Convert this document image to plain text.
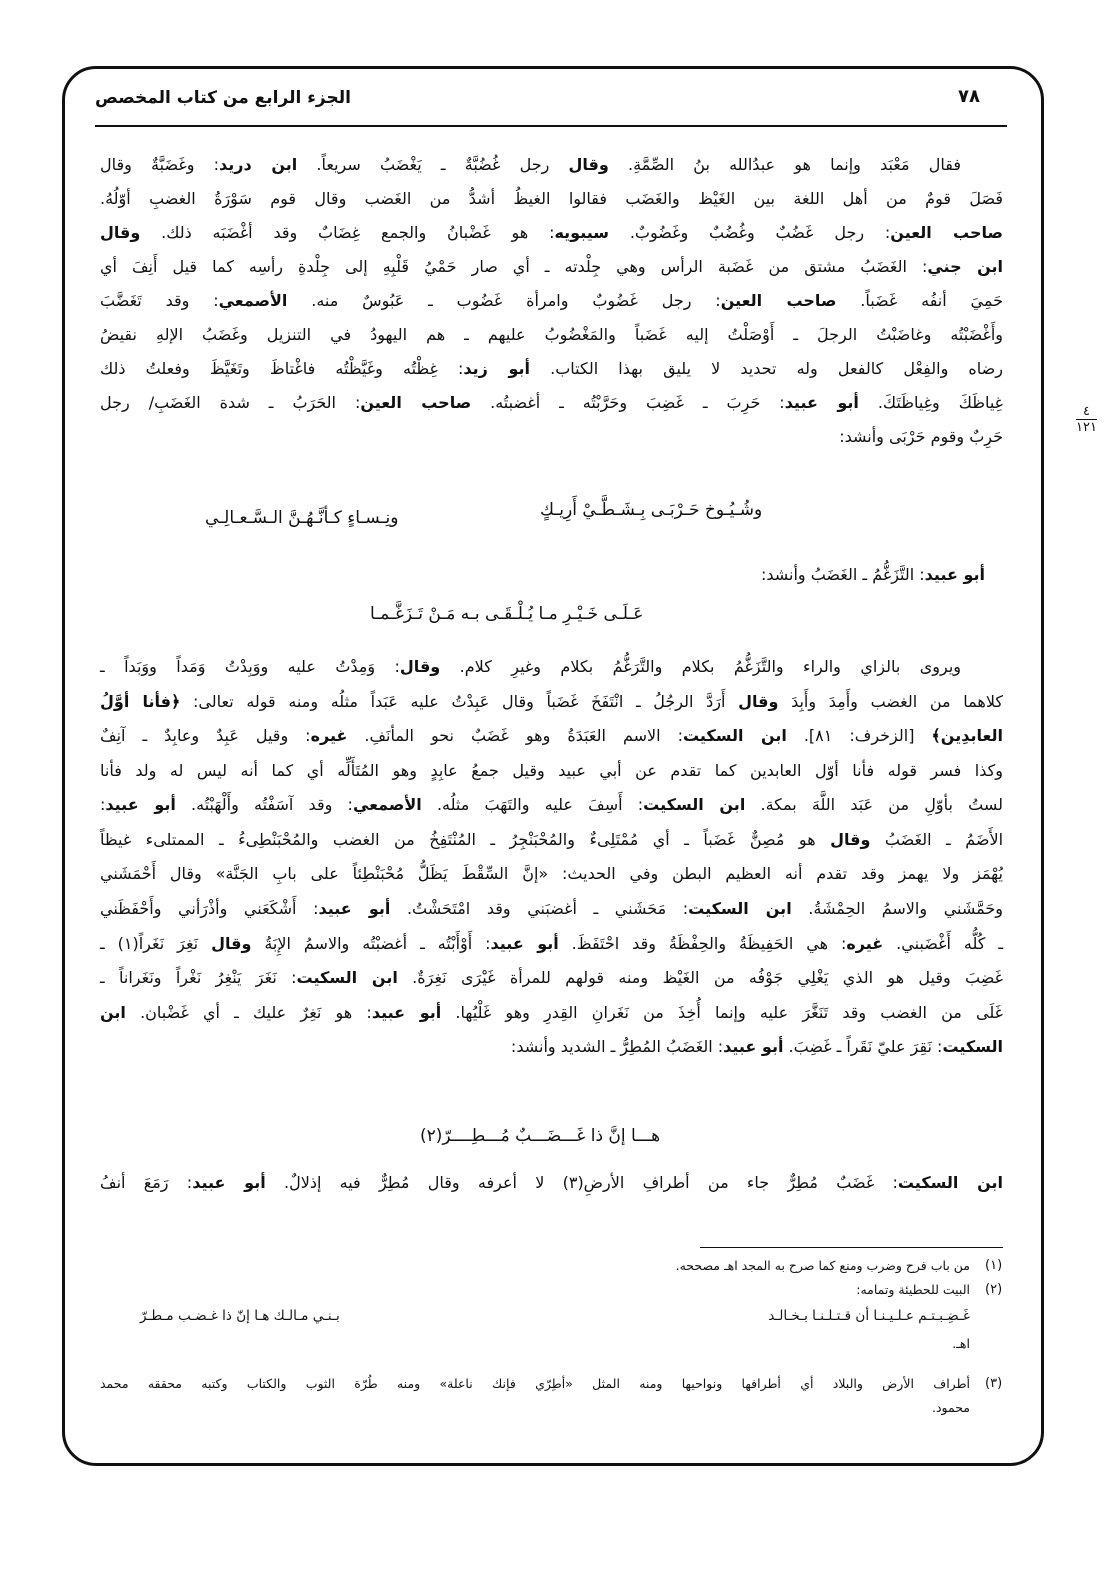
الجزء الرابع من كتاب المخصص	٧٨
٤
١٢١
فقال مَعْبَد وإنما هو عبدُالله بنُ الصِّمَّةِ. وقال رجل غُضُبَّةٌ ـ يَغْضَبُ سريعاً. ابن دريد: وغَضَبَّةٌ وقال
فَصَلَ قومٌ من أهل اللغة بين الغَيْظ والغَضَب فقالوا الغيظُ أشدُّ من الغَضب وقال قوم سَوْرَةُ الغضبِ أوّلُهُ.
صاحب العين: رجل غَضُبٌ وغُضُبٌ وغَضُوبٌ. سيبويه: هو غَضْبانُ والجمع غِضَابٌ وقد أغْضَبَه ذلك. وقال
ابن جني: الغَضَبُ مشتق من غَضَبة الرأس وهي جِلْدته ـ أي صار حَمْيُ قَلْبِهِ إلى جِلْدةِ رأسِه كما قيل أَنِفَ أي
حَمِيَ أنفُه غَضَباً. صاحب العين: رجل غَضُوبٌ وامرأة غَضُوب ـ عَبُوسٌ منه. الأصمعي: وقد تَغَضَّبَ
وأَغْضَبْتُه وغاضَبْتُ الرجلَ ـ أَوْصَلْتُ إليه غَضَباً والمَغْضُوبُ عليهم ـ هم اليهودُ في التنزيل وغَضَبُ الإلهِ نقيضُ
رضاه والفِعْل كالفعل وله تحديد لا يليق بهذا الكتاب. أبو زيد: غِظْتُه وغَيَّظْتُه فاغْتاظَ وتَغَيَّظَ وفعلتُ ذلك
غِياظَكَ وغِياظَتَكَ. أبو عبيد: حَرِبَ ـ غَضِبَ وحَرَّبْتُه ـ أغضبتُه. صاحب العين: الحَرَبُ ـ شدة الغَضَبِ/ رجل
حَرِبٌ وقوم حَرْبَى وأنشد:
أبو عبيد: التَّزَغُّمُ ـ الغَضَبُ وأنشد:
ويروى بالزاي والراء والتَّزَغُّمُ بكلام والتَّرَغُّمُ بكلام وغيرِ كلام. وقال: وَمِدْتُ عليه ووَبِدْتُ وَمَداً ووَبَداً ـ
كلاهما من الغضب وأَمِدَ وأَبِدَ وقال أَرَدَّ الرجُلُ ـ انْتَفَخَ غَضَباً وقال عَبِدْتُ عليه عَبَداً مثلُه ومنه قوله تعالى: ﴿فأنا أوَّلُ
العابدِين﴾ [الزخرف: ٨١]. ابن السكيت: الاسم العَبَدَةُ وهو غَضَبٌ نحو المأنَفِ. غيره: وقيل عَبِدٌ وعابِدٌ ـ آنِفٌ
وكذا فسر قوله فأنا أوّل العابدين كما تقدم عن أبي عبيد وقيل جمعُ عابِدٍ وهو المُتَأَلِّه أي كما أنه ليس له ولد فأنا
لستُ بأوّلِ من عَبَد اللَّهَ بمكة. ابن السكيت: أَسِفَ عليه والتَهَبَ مثلُه. الأصمعي: وقد آسَفْتُه وأَلْهَبْتُه. أبو عبيد:
الأَضَمُ ـ الغَضَبُ وقال هو مُصِنٌّ غَضَباً ـ أي مُمْتَلِىءٌ والمُحْبَنْجِرُ ـ المُنْتَفِخُ من الغضب والمُحْبَنْطِىءُ ـ الممتلىء غيظاً
يُهْمَز ولا يهمز وقد تقدم أنه العظيم البطن وفي الحديث: «إنَّ السِّقْطَ يَظَلُّ مُحْبَنْطِئاً على بابِ الجَنَّة» وقال أَحْمَشَني
وحَمَّشَني والاسمُ الحِمْشَةُ. ابن السكيت: مَحَشَني ـ أغضبَني وقد امْتَحَشْتُ. أبو عبيد: أَشْكَعَني وأذْرَأني وأَحْفَظَني
ـ كُلُّه أَغْضَبني. غيره: هي الحَفِيظَةُ والحِفْظَةُ وقد احْتَفَظَ. أبو عبيد: أَوْأَبْتُه ـ أغضبْتُه والاسمُ الإِبَةُ وقال نَغِرَ نَغَراً(١) ـ
غَضِبَ وقيل هو الذي يَغْلِي جَوْفُه من الغَيْظ ومنه قولهم للمرأة غَيْرَى نَغِرَةٌ. ابن السكيت: نَغَرَ يَنْغِرُ نَغْراً ونَغَراناً ـ
غَلَى من الغضب وقد تَنَغَّرَ عليه وإنما أُخِذَ من نَغَرانِ القِدرِ وهو غَلْيُها. أبو عبيد: هو نَغِرٌ عليك ـ أي غَضْبان. ابن
السكيت: نَقِرَ عليّ نَقَراً ـ غَضِبَ. أبو عبيد: الغَضَبُ المُطِرُّ ـ الشديد وأنشد:
ابن السكيت: غَضَبٌ مُطِرٌّ جاء من أطرافِ الأرضِ(٣) لا أعرفه وقال مُطِرٌّ فيه إذلالٌ. أبو عبيد: رَمَعَ أنفُ
وشُـيُـوخ حَـرْبَـى بِـشَـطَّـيْ أَرِيـكٍ
ونِـسـاءٍ كـأنَّـهُـنَّ الـسَّـعـالِـي
عَـلَـى خَـيْـرِ مـا يُـلْـقَـى بـه مَـنْ تَـزَغَّـمـا
هـــا إنَّ ذا غَـــضَـــبٌ مُـــطِــــرّ(٢)
(١)
من باب فرح وضرب ومنع كما صرح به المجد اهـ مصححه.
(٢)
البيت للحطيئة وتمامه:
غَـضِـبـتـم عـلـيـنـا أن قـتـلـنـا بـخـالـد
بـنـي مـالـك هـا إنّ ذا غـضـب مـطـرّ
اهـ.
(٣)
أطراف الأرض والبلاد أي أطرافها ونواحيها ومنه المثل «أطِرّي فإنك ناعلة» ومنه طُرّة الثوب والكتاب وكتبه محققه محمد
محمود.
